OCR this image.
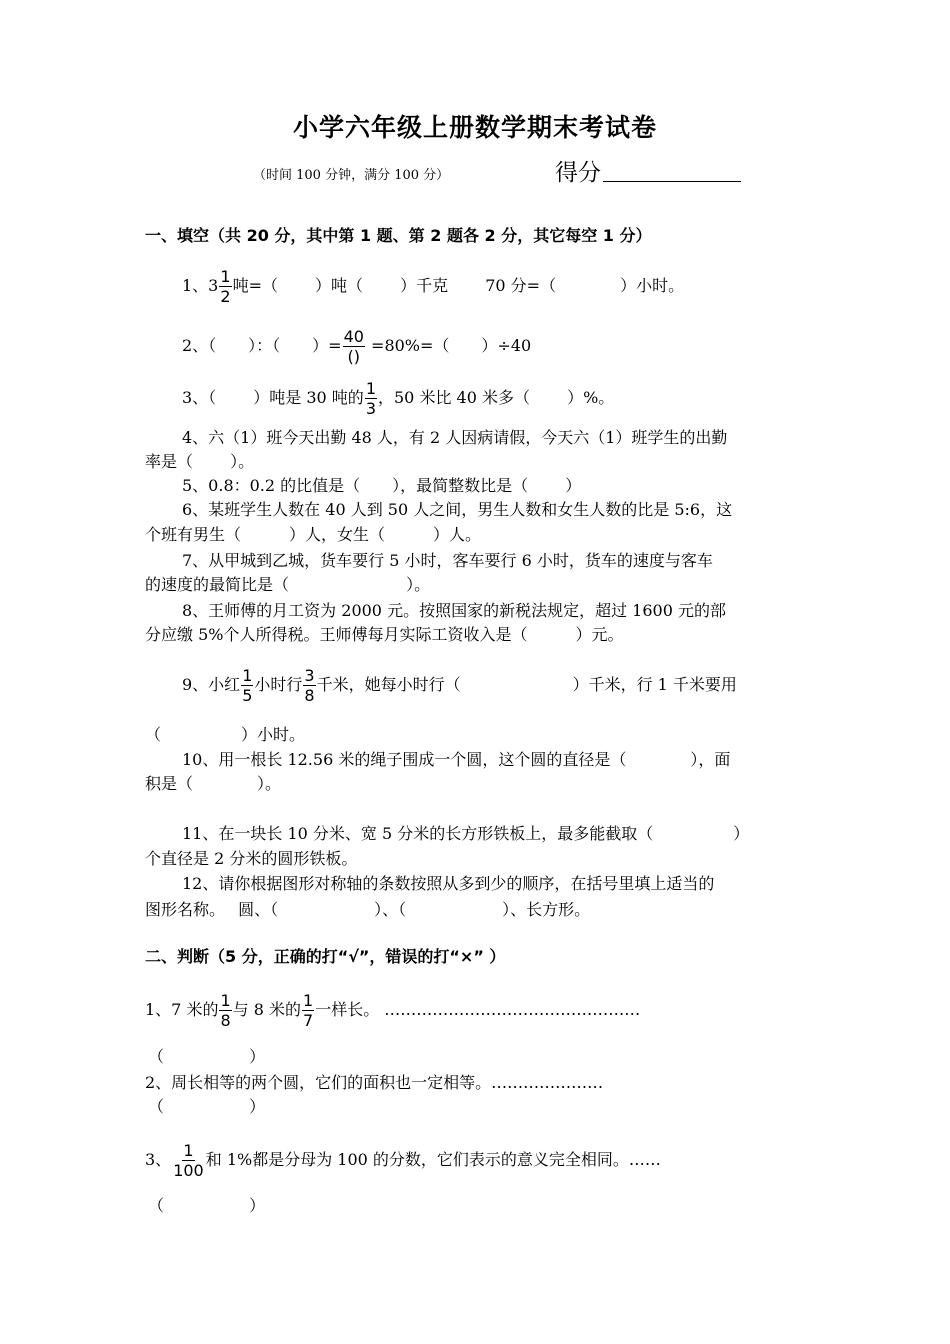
小学六年级上册数学期末考试卷
（时间 100 分钟，满分 100 分）	得分
一、填空（共 20 分，其中第 1 题、第 2 题各 2 分，其它每空 1 分）
1、$3 \frac{1}{2}$ 吨=（　　 ）吨（　　 ）千克　　 70 分=（　　　　）小时。
2、（　　）：（　　）= $\frac{40}{()} =80\%=$（　　）÷40
3、（　　 ）吨是 30 吨的 $\frac{1}{3}$ ，50 米比 40 米多（　　 ）%。
4、六（1）班今天出勤 48 人，有 2 人因病请假，今天六（1）班学生的出勤
率是（　　 ）。
5、0.8：0.2 的比值是（　　），最简整数比是（　　 ）
6、某班学生人数在 40 人到 50 人之间，男生人数和女生人数的比是 5:6，这
个班有男生（　　　）人，女生（　　　）人。
7、从甲城到乙城，货车要行 5 小时，客车要行 6 小时，货车的速度与客车
的速度的最简比是（　　　　　　　 ）。
8、王师傅的月工资为 2000 元。按照国家的新税法规定，超过 1600 元的部
分应缴 5%个人所得税。王师傅每月实际工资收入是（　　　）元。
9、小红 $\frac{1}{5}$ 小时行 $\frac{3}{8}$ 千米，她每小时行（　　　　　　　）千米，行 1 千米要用
（　　　　　）小时。
10、用一根长 12.56 米的绳子围成一个圆，这个圆的直径是（　　　　），面
积是（　　　　）。
11、在一块长 10 分米、宽 5 分米的长方形铁板上，最多能截取（　　　　　）
个直径是 2 分米的圆形铁板。
12、请你根据图形对称轴的条数按照从多到少的顺序，在括号里填上适当的
图形名称。　 圆、（　　　　　　）、（　　　　　　）、长方形。
二、判断（5 分，正确的打“√”，错误的打“×” ）
1、7 米的 $\frac{1}{8}$ 与 8 米的 $\frac{1}{7}$ 一样长。 …………………………………………
（　　　　　 ）
2、周长相等的两个圆，它们的面积也一定相等。…………………
（　　　　　 ）
3、 $\frac{1}{100}$ 和 1%都是分母为 100 的分数，它们表示的意义完全相同。……
（　　　　　 ）
